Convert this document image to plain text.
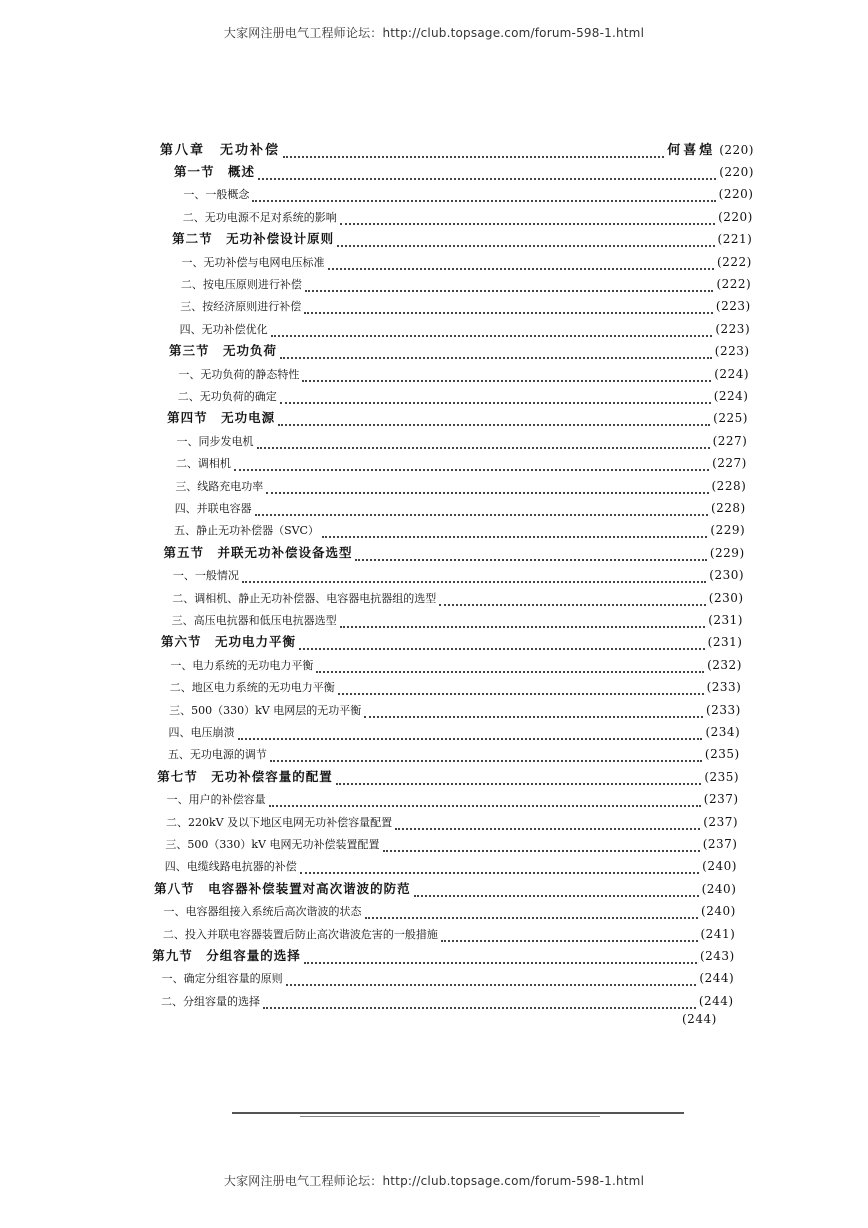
大家网注册电气工程师论坛：http://club.topsage.com/forum-598-1.html
第八章　无功补偿	何喜煌 (220)
第一节　概述	(220)
一、一般概念	(220)
二、无功电源不足对系统的影响	(220)
第二节　无功补偿设计原则	(221)
一、无功补偿与电网电压标准	(222)
二、按电压原则进行补偿	(222)
三、按经济原则进行补偿	(223)
四、无功补偿优化	(223)
第三节　无功负荷	(223)
一、无功负荷的静态特性	(224)
二、无功负荷的确定	(224)
第四节　无功电源	(225)
一、同步发电机	(227)
二、调相机	(227)
三、线路充电功率	(228)
四、并联电容器	(228)
五、静止无功补偿器（SVC）	(229)
第五节　并联无功补偿设备选型	(229)
一、一般情况	(230)
二、调相机、静止无功补偿器、电容器电抗器组的选型	(230)
三、高压电抗器和低压电抗器选型	(231)
第六节　无功电力平衡	(231)
一、电力系统的无功电力平衡	(232)
二、地区电力系统的无功电力平衡	(233)
三、500（330）kV 电网层的无功平衡	(233)
四、电压崩溃	(234)
五、无功电源的调节	(235)
第七节　无功补偿容量的配置	(235)
一、用户的补偿容量	(237)
二、220kV 及以下地区电网无功补偿容量配置	(237)
三、500（330）kV 电网无功补偿装置配置	(237)
四、电缆线路电抗器的补偿	(240)
第八节　电容器补偿装置对高次谐波的防范	(240)
一、电容器组接入系统后高次谐波的状态	(240)
二、投入并联电容器装置后防止高次谐波危害的一般措施	(241)
第九节　分组容量的选择	(243)
一、确定分组容量的原则	(244)
二、分组容量的选择	(244)
(244)
大家网注册电气工程师论坛：http://club.topsage.com/forum-598-1.html
